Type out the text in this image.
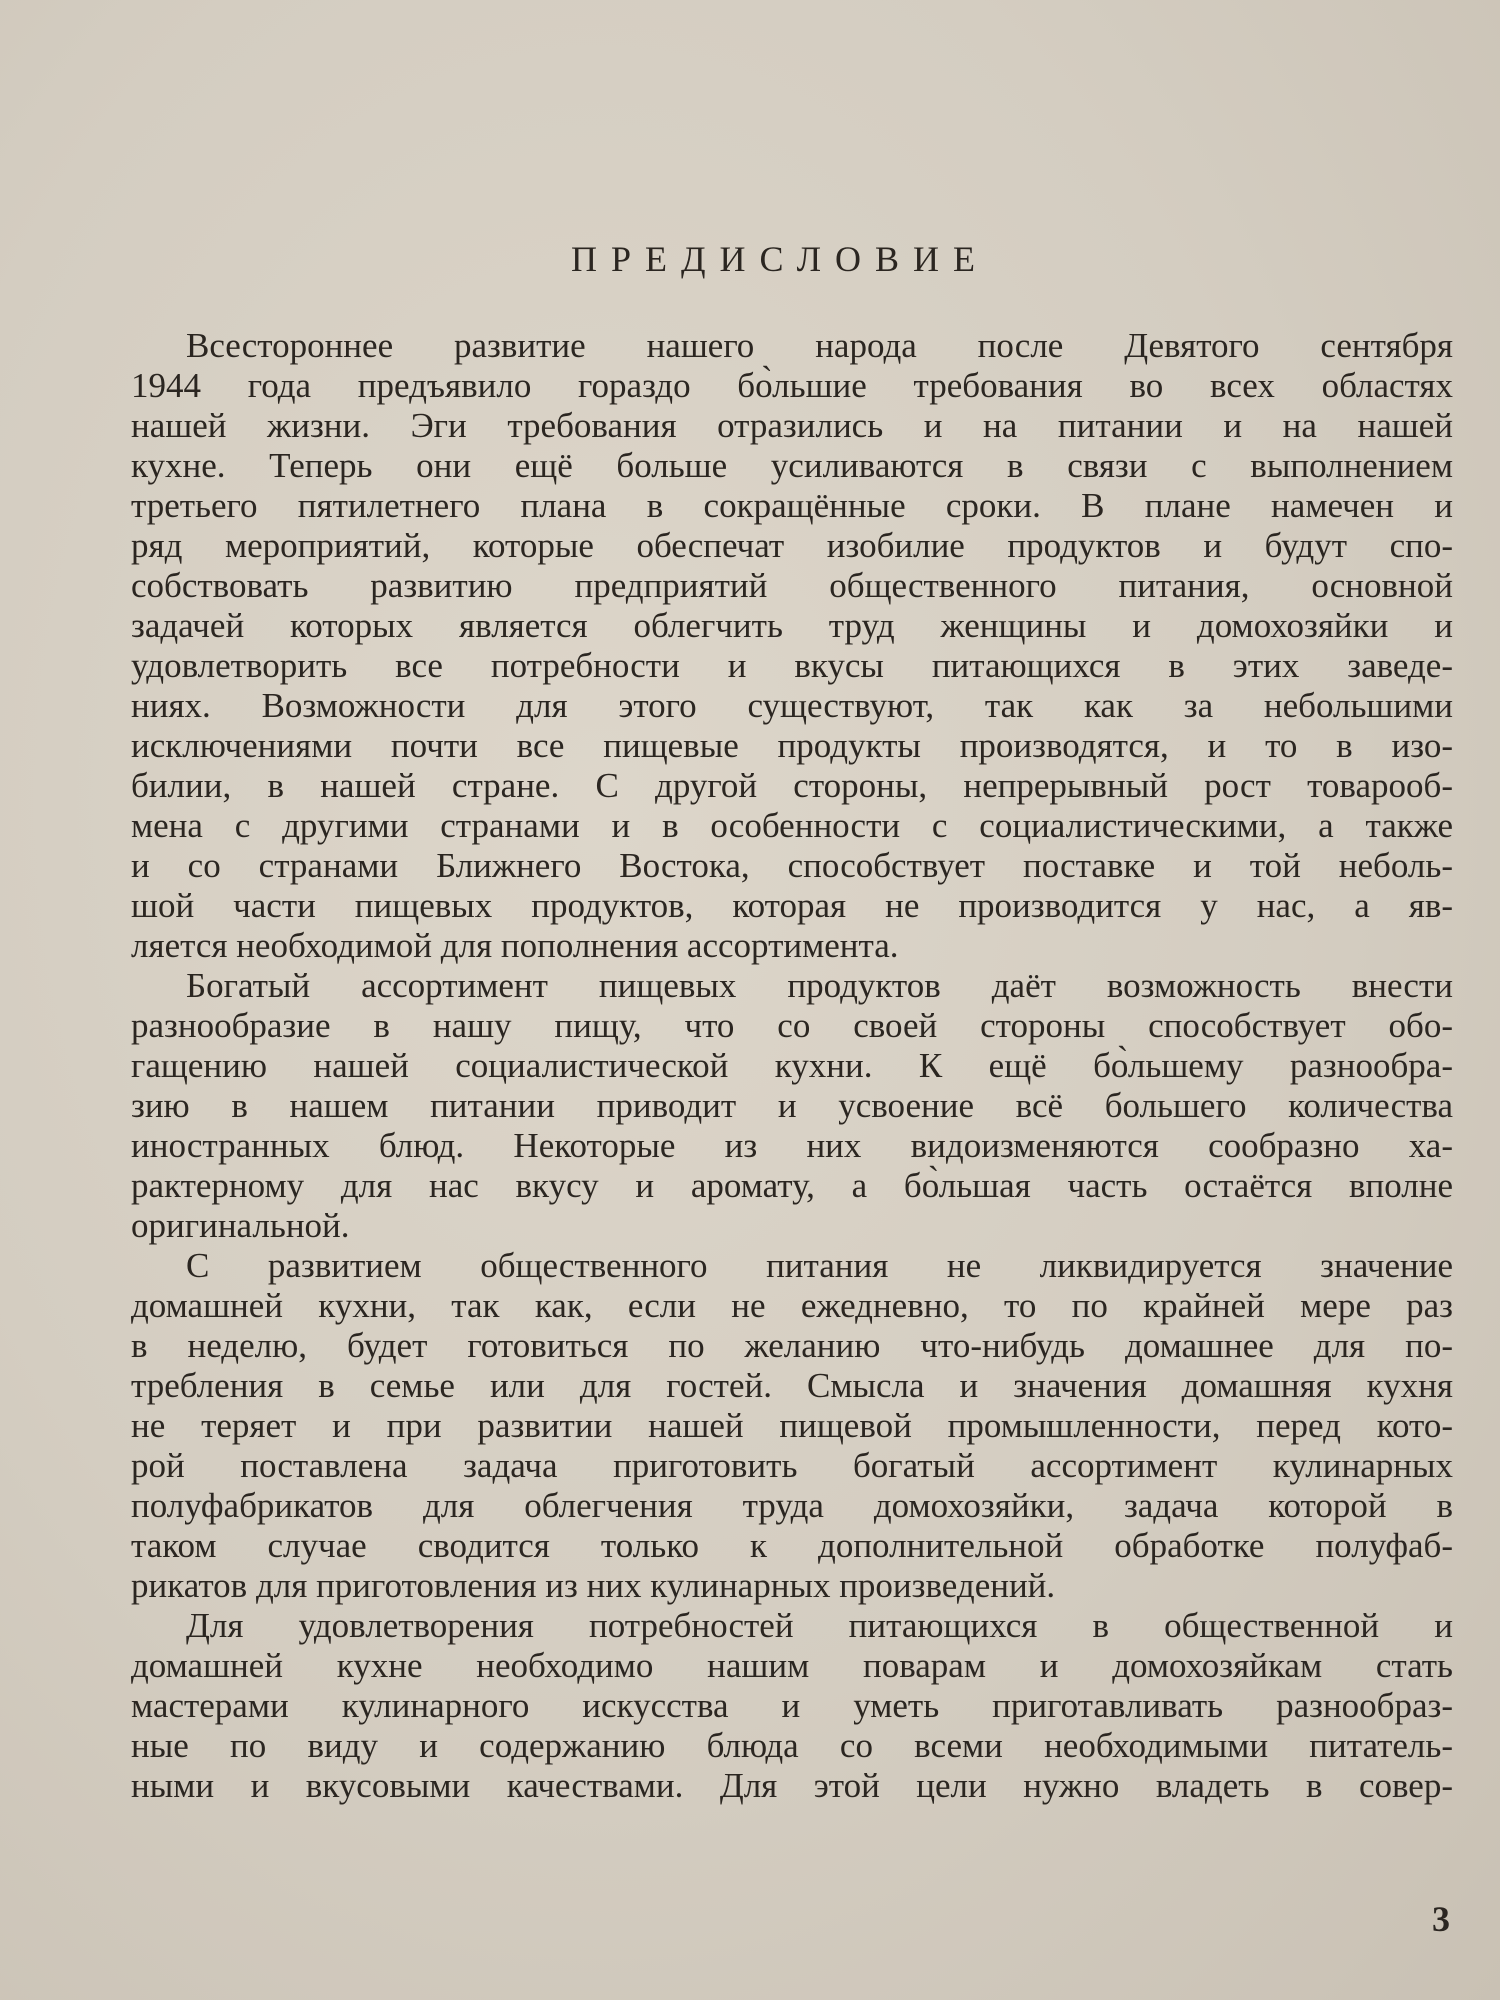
ПРЕДИСЛОВИЕ
Всестороннее развитие нашего народа после Девятого сентября
1944 года предъявило гораздо бо̀льшие требования во всех областях
нашей жизни. Эги требования отразились и на питании и на нашей
кухне. Теперь они ещё больше усиливаются в связи с выполнением
третьего пятилетнего плана в сокращённые сроки. В плане намечен и
ряд мероприятий, которые обеспечат изобилие продуктов и будут спо-
собствовать развитию предприятий общественного питания, основной
задачей которых является облегчить труд женщины и домохозяйки и
удовлетворить все потребности и вкусы питающихся в этих заведе-
ниях. Возможности для этого существуют, так как за небольшими
исключениями почти все пищевые продукты производятся, и то в изо-
билии, в нашей стране. С другой стороны, непрерывный рост товарооб-
мена с другими странами и в особенности с социалистическими, а также
и со странами Ближнего Востока, способствует поставке и той неболь-
шой части пищевых продуктов, которая не производится у нас, а яв-
ляется необходимой для пополнения ассортимента.
Богатый ассортимент пищевых продуктов даёт возможность внести
разнообразие в нашу пищу, что со своей стороны способствует обо-
гащению нашей социалистической кухни. К ещё бо̀льшему разнообра-
зию в нашем питании приводит и усвоение всё большего количества
иностранных блюд. Некоторые из них видоизменяются сообразно ха-
рактерному для нас вкусу и аромату, а бо̀льшая часть остаётся вполне
оригинальной.
С развитием общественного питания не ликвидируется значение
домашней кухни, так как, если не ежедневно, то по крайней мере раз
в неделю, будет готовиться по желанию что-нибудь домашнее для по-
требления в семье или для гостей. Смысла и значения домашняя кухня
не теряет и при развитии нашей пищевой промышленности, перед кото-
рой поставлена задача приготовить богатый ассортимент кулинарных
полуфабрикатов для облегчения труда домохозяйки, задача которой в
таком случае сводится только к дополнительной обработке полуфаб-
рикатов для приготовления из них кулинарных произведений.
Для удовлетворения потребностей питающихся в общественной и
домашней кухне необходимо нашим поварам и домохозяйкам стать
мастерами кулинарного искусства и уметь приготавливать разнообраз-
ные по виду и содержанию блюда со всеми необходимыми питатель-
ными и вкусовыми качествами. Для этой цели нужно владеть в совер-
3
